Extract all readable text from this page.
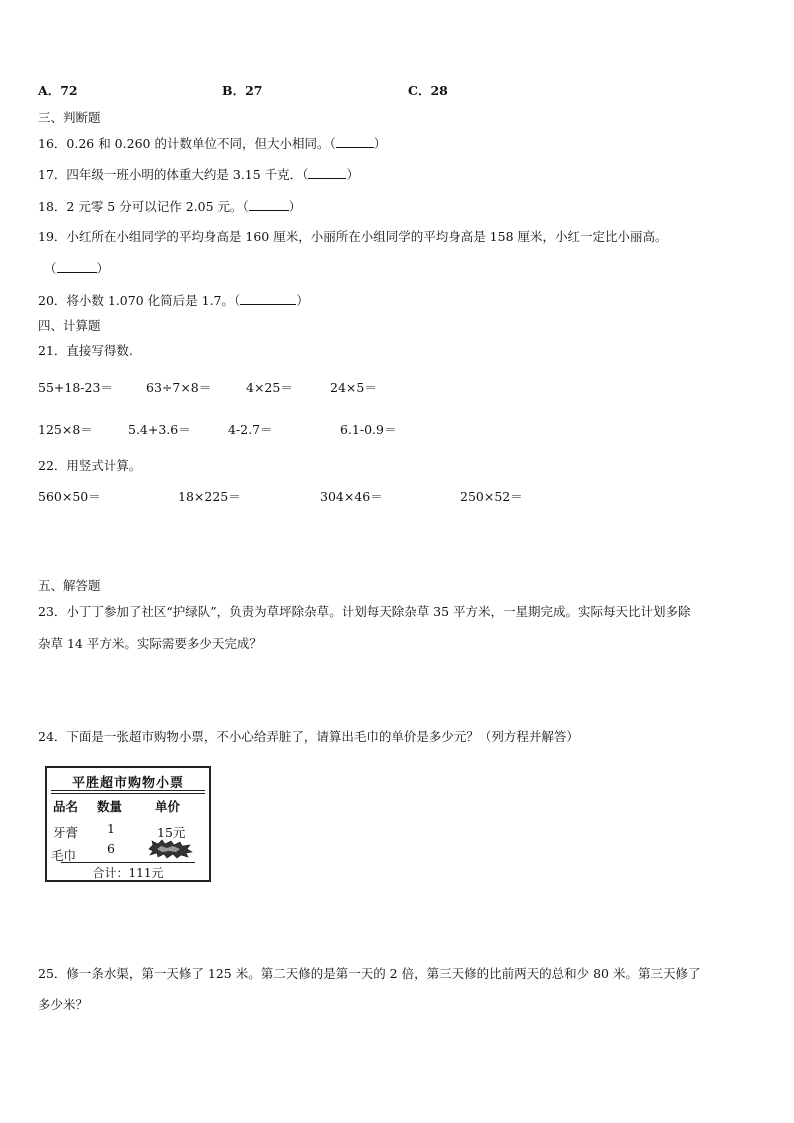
A．72	B．27	C．28
三、判断题
16．0.26 和 0.260 的计数单位不同，但大小相同。（	）
17．四年级一班小明的体重大约是 3.15 千克．（	）
18．2 元零 5 分可以记作 2.05 元。（	）
19．小红所在小组同学的平均身高是 160 厘米，小丽所在小组同学的平均身高是 158 厘米，小红一定比小丽高。
（	）
20．将小数 1.070 化简后是 1.7。（	）
四、计算题
21．直接写得数.
55+18-23＝	63÷7×8＝	4×25＝	24×5＝
125×8＝	5.4+3.6＝	4-2.7＝	6.1-0.9＝
22．用竖式计算。
560×50＝	18×225＝	304×46＝	250×52＝
五、解答题
23．小丁丁参加了社区“护绿队”，负责为草坪除杂草。计划每天除杂草 35 平方米，一星期完成。实际每天比计划多除
杂草 14 平方米。实际需要多少天完成？
24．下面是一张超市购物小票，不小心给弄脏了，请算出毛巾的单价是多少元？（列方程并解答）
平胜超市购物小票
品名 数量	单价
牙膏 1	15元
毛巾 6
合计：111元
25．修一条水渠，第一天修了 125 米。第二天修的是第一天的 2 倍，第三天修的比前两天的总和少 80 米。第三天修了
多少米？
